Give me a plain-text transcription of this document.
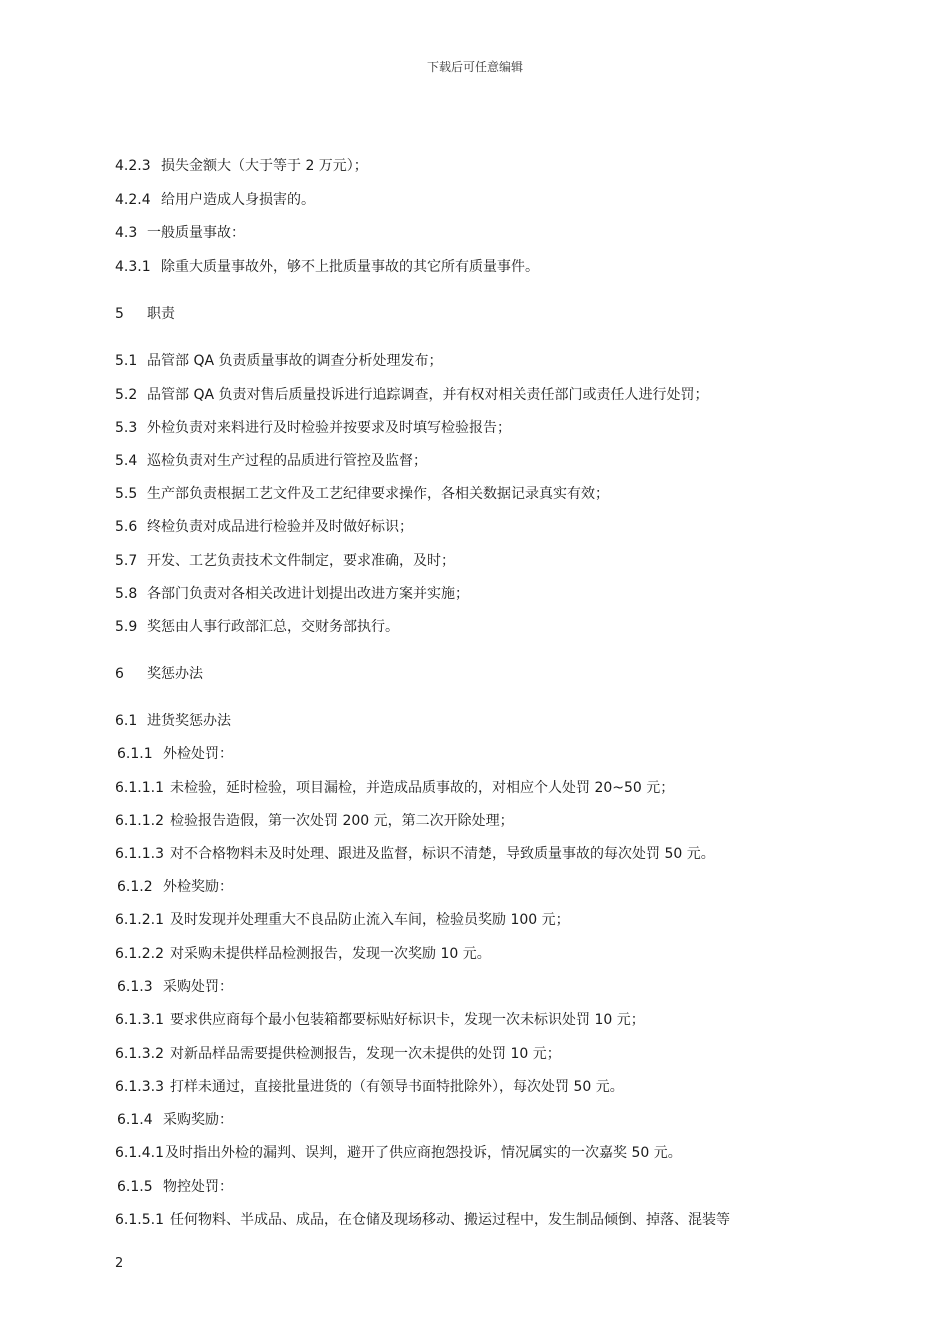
下载后可任意编辑
4.2.3 损失金额大（大于等于 2 万元）；
4.2.4 给用户造成人身损害的。
4.3 一般质量事故：
4.3.1 除重大质量事故外，够不上批质量事故的其它所有质量事件。
5 职责
5.1 品管部 QA 负责质量事故的调查分析处理发布；
5.2 品管部 QA 负责对售后质量投诉进行追踪调查，并有权对相关责任部门或责任人进行处罚；
5.3 外检负责对来料进行及时检验并按要求及时填写检验报告；
5.4 巡检负责对生产过程的品质进行管控及监督；
5.5 生产部负责根据工艺文件及工艺纪律要求操作，各相关数据记录真实有效；
5.6 终检负责对成品进行检验并及时做好标识；
5.7 开发、工艺负责技术文件制定，要求准确，及时；
5.8 各部门负责对各相关改进计划提出改进方案并实施；
5.9 奖惩由人事行政部汇总，交财务部执行。
6 奖惩办法
6.1 进货奖惩办法
6.1.1 外检处罚：
6.1.1.1 未检验，延时检验，项目漏检，并造成品质事故的，对相应个人处罚 20~50 元；
6.1.1.2 检验报告造假，第一次处罚 200 元，第二次开除处理；
6.1.1.3 对不合格物料未及时处理、跟进及监督，标识不清楚，导致质量事故的每次处罚 50 元。
6.1.2 外检奖励：
6.1.2.1 及时发现并处理重大不良品防止流入车间，检验员奖励 100 元；
6.1.2.2 对采购未提供样品检测报告，发现一次奖励 10 元。
6.1.3 采购处罚：
6.1.3.1 要求供应商每个最小包装箱都要标贴好标识卡，发现一次未标识处罚 10 元；
6.1.3.2 对新品样品需要提供检测报告，发现一次未提供的处罚 10 元；
6.1.3.3 打样未通过，直接批量进货的（有领导书面特批除外），每次处罚 50 元。
6.1.4 采购奖励：
6.1.4.1及时指出外检的漏判、误判，避开了供应商抱怨投诉，情况属实的一次嘉奖 50 元。
6.1.5 物控处罚：
6.1.5.1 任何物料、半成品、成品，在仓储及现场移动、搬运过程中，发生制品倾倒、掉落、混装等
2
